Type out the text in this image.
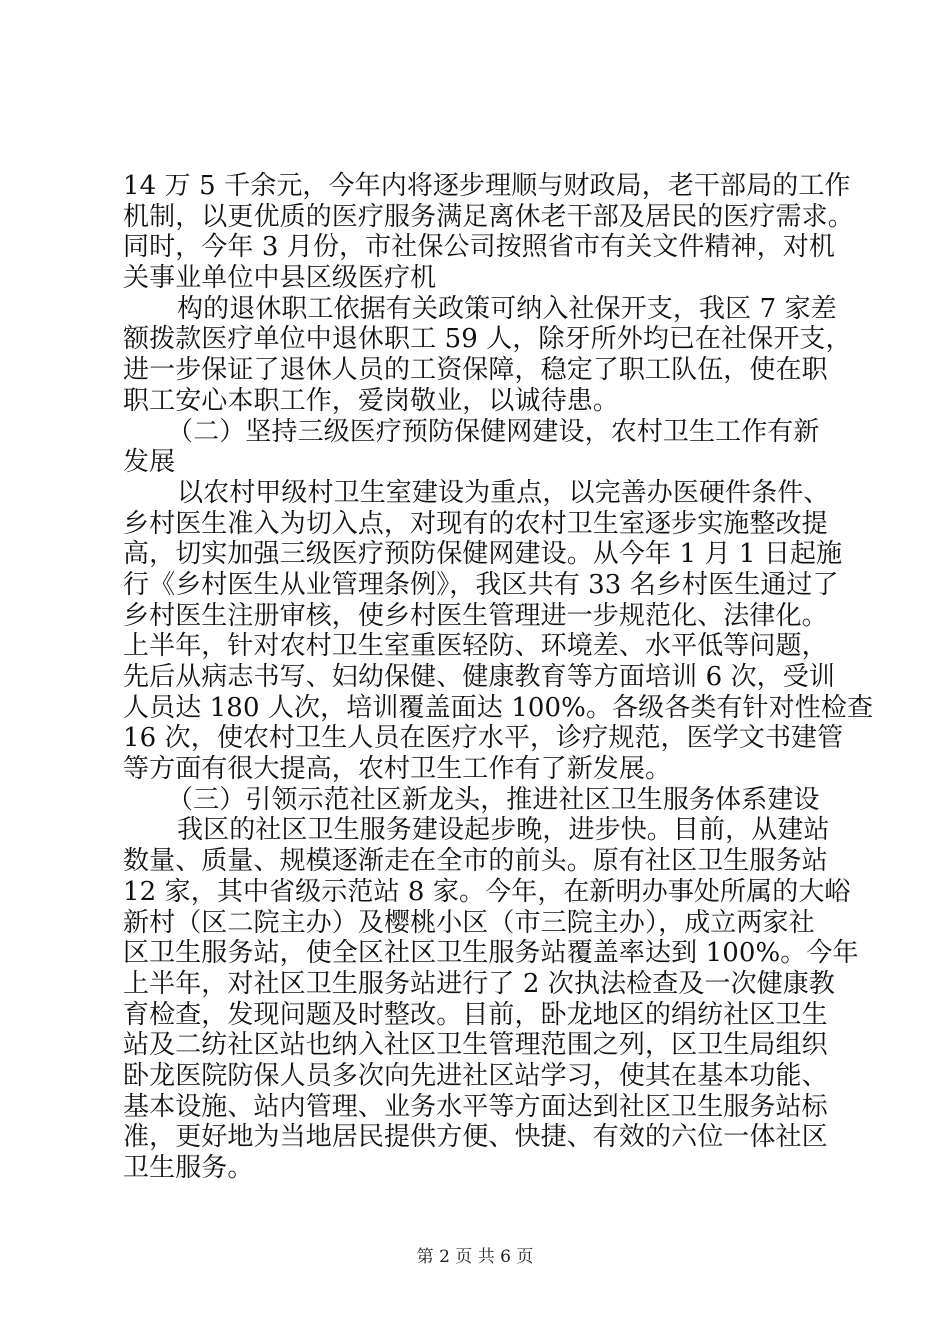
14 万 5 千余元，今年内将逐步理顺与财政局，老干部局的工作
机制，以更优质的医疗服务满足离休老干部及居民的医疗需求。
同时，今年 3 月份，市社保公司按照省市有关文件精神，对机
关事业单位中县区级医疗机
构的退休职工依据有关政策可纳入社保开支，我区 7 家差
额拨款医疗单位中退休职工 59 人，除牙所外均已在社保开支，
进一步保证了退休人员的工资保障，稳定了职工队伍，使在职
职工安心本职工作，爱岗敬业，以诚待患。
（二）坚持三级医疗预防保健网建设，农村卫生工作有新
发展
以农村甲级村卫生室建设为重点，以完善办医硬件条件、
乡村医生准入为切入点，对现有的农村卫生室逐步实施整改提
高，切实加强三级医疗预防保健网建设。从今年 1 月 1 日起施
行《乡村医生从业管理条例》，我区共有 33 名乡村医生通过了
乡村医生注册审核，使乡村医生管理进一步规范化、法律化。
上半年，针对农村卫生室重医轻防、环境差、水平低等问题，
先后从病志书写、妇幼保健、健康教育等方面培训 6 次，受训
人员达 180 人次，培训覆盖面达 100%。各级各类有针对性检查
16 次，使农村卫生人员在医疗水平，诊疗规范，医学文书建管
等方面有很大提高，农村卫生工作有了新发展。
（三）引领示范社区新龙头，推进社区卫生服务体系建设
我区的社区卫生服务建设起步晚，进步快。目前，从建站
数量、质量、规模逐渐走在全市的前头。原有社区卫生服务站
12 家，其中省级示范站 8 家。今年，在新明办事处所属的大峪
新村（区二院主办）及樱桃小区（市三院主办），成立两家社
区卫生服务站，使全区社区卫生服务站覆盖率达到 100%。今年
上半年，对社区卫生服务站进行了 2 次执法检查及一次健康教
育检查，发现问题及时整改。目前，卧龙地区的绢纺社区卫生
站及二纺社区站也纳入社区卫生管理范围之列，区卫生局组织
卧龙医院防保人员多次向先进社区站学习，使其在基本功能、
基本设施、站内管理、业务水平等方面达到社区卫生服务站标
准，更好地为当地居民提供方便、快捷、有效的六位一体社区
卫生服务。
第 2 页 共 6 页
